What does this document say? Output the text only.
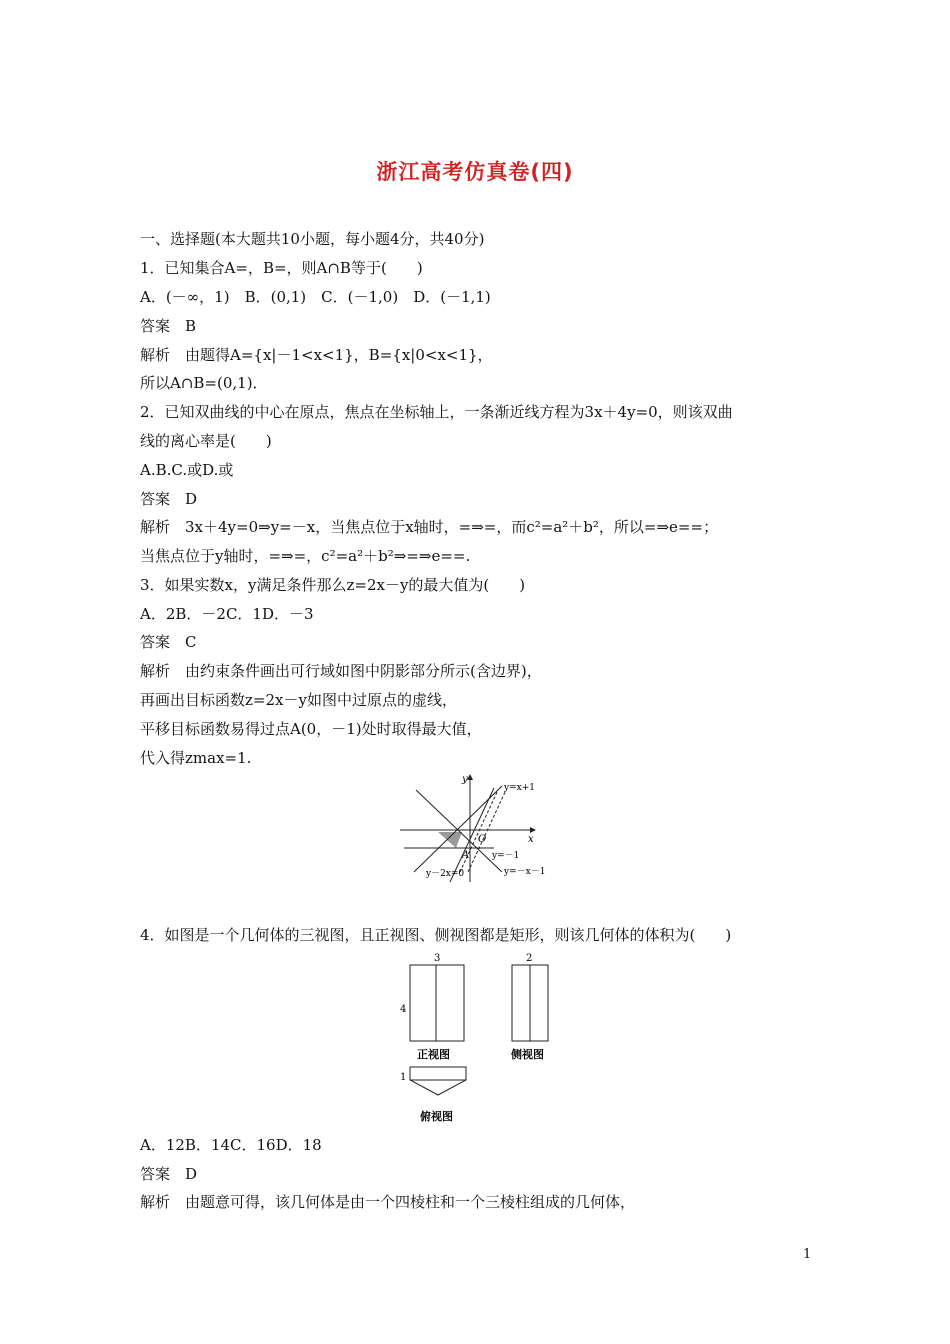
浙江高考仿真卷(四)
一、选择题(本大题共10小题，每小题4分，共40分)
1．已知集合A=，B=，则A∩B等于(　　)
A．(－∞，1)　B．(0,1)　C．(－1,0)　D．(－1,1)
答案　B
解析　由题得A={x|－1<x<1}，B={x|0<x<1}，
所以A∩B=(0,1)．
2．已知双曲线的中心在原点，焦点在坐标轴上，一条渐近线方程为3x＋4y=0，则该双曲
线的离心率是(　　)
A.B.C.或D.或
答案　D
解析　3x＋4y=0⇒y=－x，当焦点位于x轴时，=⇒=，而c²=a²＋b²，所以=⇒e==；
当焦点位于y轴时，=⇒=，c²=a²＋b²⇒=⇒e==.
3．如果实数x，y满足条件那么z=2x－y的最大值为(　　)
A．2B．－2C．1D．－3
答案　C
解析　由约束条件画出可行域如图中阴影部分所示(含边界)，
再画出目标函数z=2x－y如图中过原点的虚线，
平移目标函数易得过点A(0，－1)处时取得最大值，
代入得zmax=1.
y
x
O
A
y=x+1
y=－1
y=－x－1
y－2x=0
4．如图是一个几何体的三视图，且正视图、侧视图都是矩形，则该几何体的体积为(　　)
3
4
正视图
2
侧视图
1
俯视图
A．12B．14C．16D．18
答案　D
解析　由题意可得，该几何体是由一个四棱柱和一个三棱柱组成的几何体，
1
